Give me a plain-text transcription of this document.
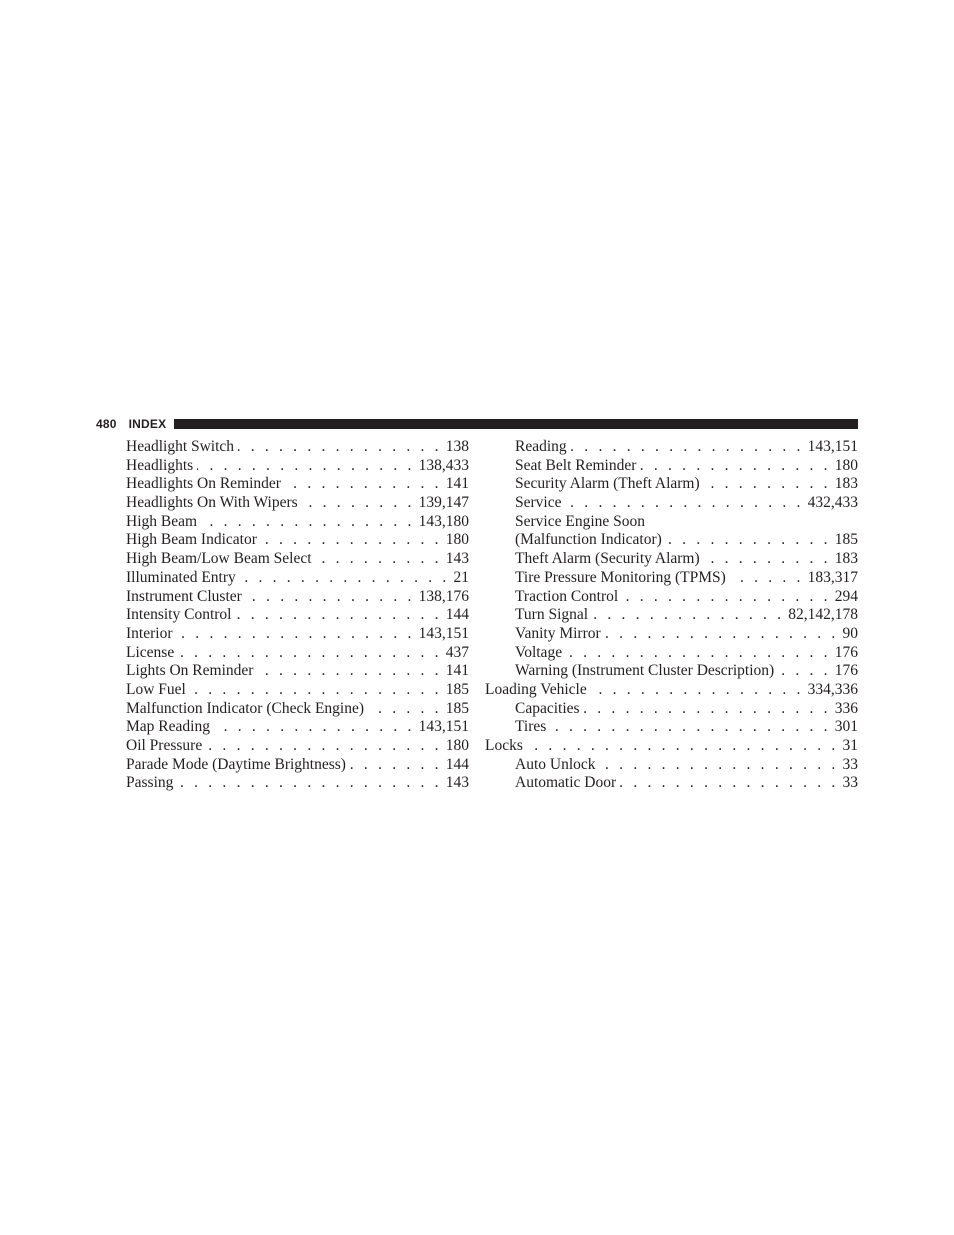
480 INDEX
Headlight Switch . . .	138
Headlights . . .	138,433
Headlights On Reminder . . .	141
Headlights On With Wipers . . .	139,147
High Beam . . .	143,180
High Beam Indicator . . .	180
High Beam/Low Beam Select . . .	143
Illuminated Entry . . .	21
Instrument Cluster . . .	138,176
Intensity Control . . .	144
Interior . . .	143,151
License . . .	437
Lights On Reminder . . .	141
Low Fuel . . .	185
Malfunction Indicator (Check Engine) . . .	185
Map Reading . . .	143,151
Oil Pressure . . .	180
Parade Mode (Daytime Brightness) . . .	144
Passing . . .	143
Reading . . .	143,151
Seat Belt Reminder . . .	180
Security Alarm (Theft Alarm) . . .	183
Service . . .	432,433
Service Engine Soon
(Malfunction Indicator) . . .	185
Theft Alarm (Security Alarm) . . .	183
Tire Pressure Monitoring (TPMS) . . .	183,317
Traction Control . . .	294
Turn Signal . . .	82,142,178
Vanity Mirror . . .	90
Voltage . . .	176
Warning (Instrument Cluster Description) . . .	176
Loading Vehicle . . .	334,336
Capacities . . .	336
Tires . . .	301
Locks . . .	31
Auto Unlock . . .	33
Automatic Door . . .	33
